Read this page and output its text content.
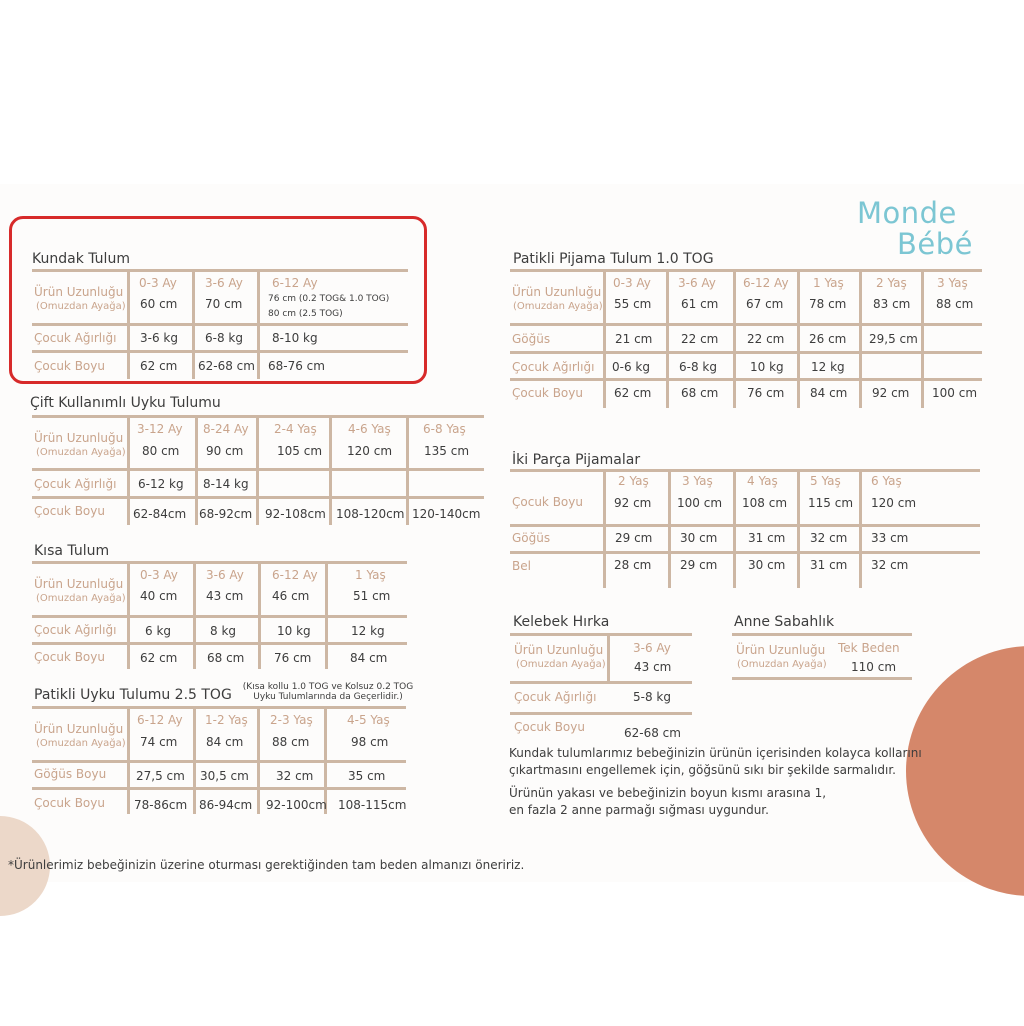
Monde
Bébé
Kundak Tulum
Ürün Uzunluğu
(Omuzdan Ayağa)
0-3 Ay 3-6 Ay 6-12 Ay
60 cm 70 cm	76 cm (0.2 TOG& 1.0 TOG)
80 cm (2.5 TOG)
Çocuk Ağırlığı 3-6 kg 6-8 kg 8-10 kg
Çocuk Boyu	62 cm 62-68 cm 68-76 cm
Çift Kullanımlı Uyku Tulumu
Ürün Uzunluğu
(Omuzdan Ayağa)
3-12 Ay 8-24 Ay 2-4 Yaş	4-6 Yaş	6-8 Yaş
80 cm 90 cm	105 cm 120 cm	135 cm
Çocuk Ağırlığı 6-12 kg 8-14 kg
Çocuk Boyu 62-84cm 68-92cm 92-108cm 108-120cm 120-140cm
Kısa Tulum
Ürün Uzunluğu
(Omuzdan Ayağa)
0-3 Ay 3-6 Ay 6-12 Ay	1 Yaş
40 cm 43 cm 46 cm	51 cm
Çocuk Ağırlığı 6 kg	8 kg	10 kg	12 kg
Çocuk Boyu	62 cm 68 cm 76 cm	84 cm
Patikli Uyku Tulumu 2.5 TOG	(Kısa kollu 1.0 TOG ve Kolsuz 0.2 TOG
Uyku Tulumlarında da Geçerlidir.)
Ürün Uzunluğu
(Omuzdan Ayağa)
6-12 Ay 1-2 Yaş 2-3 Yaş	4-5 Yaş
74 cm 84 cm 88 cm	98 cm
Göğüs Boyu 27,5 cm 30,5 cm 32 cm	35 cm
Çocuk Boyu 78-86cm 86-94cm 92-100cm 108-115cm
Patikli Pijama Tulum 1.0 TOG
Ürün Uzunluğu
(Omuzdan Ayağa)
0-3 Ay 3-6 Ay 6-12 Ay 1 Yaş	2 Yaş	3 Yaş
55 cm 61 cm 67 cm 78 cm 83 cm 88 cm
Göğüs	21 cm 22 cm 22 cm 26 cm 29,5 cm
Çocuk Ağırlığı 0-6 kg 6-8 kg	10 kg 12 kg
Çocuk Boyu	62 cm 68 cm 76 cm 84 cm 92 cm 100 cm
İki Parça Pijamalar
2 Yaş	3 Yaş	4 Yaş	5 Yaş	6 Yaş
Çocuk Boyu	92 cm 100 cm 108 cm 115 cm 120 cm
Göğüs	29 cm 30 cm	31 cm 32 cm 33 cm
Bel	28 cm 29 cm	30 cm 31 cm 32 cm
Kelebek Hırka
Ürün Uzunluğu
(Omuzdan Ayağa)
3-6 Ay
43 cm
Çocuk Ağırlığı	5-8 kg
Çocuk Boyu	62-68 cm
Anne Sabahlık
Ürün Uzunluğu
(Omuzdan Ayağa)
Tek Beden
110 cm
Kundak tulumlarımız bebeğinizin ürünün içerisinden kolayca kollarını
çıkartmasını engellemek için, göğsünü sıkı bir şekilde sarmalıdır.
Ürünün yakası ve bebeğinizin boyun kısmı arasına 1,
en fazla 2 anne parmağı sığması uygundur.
*Ürünlerimiz bebeğinizin üzerine oturması gerektiğinden tam beden almanızı öneririz.
